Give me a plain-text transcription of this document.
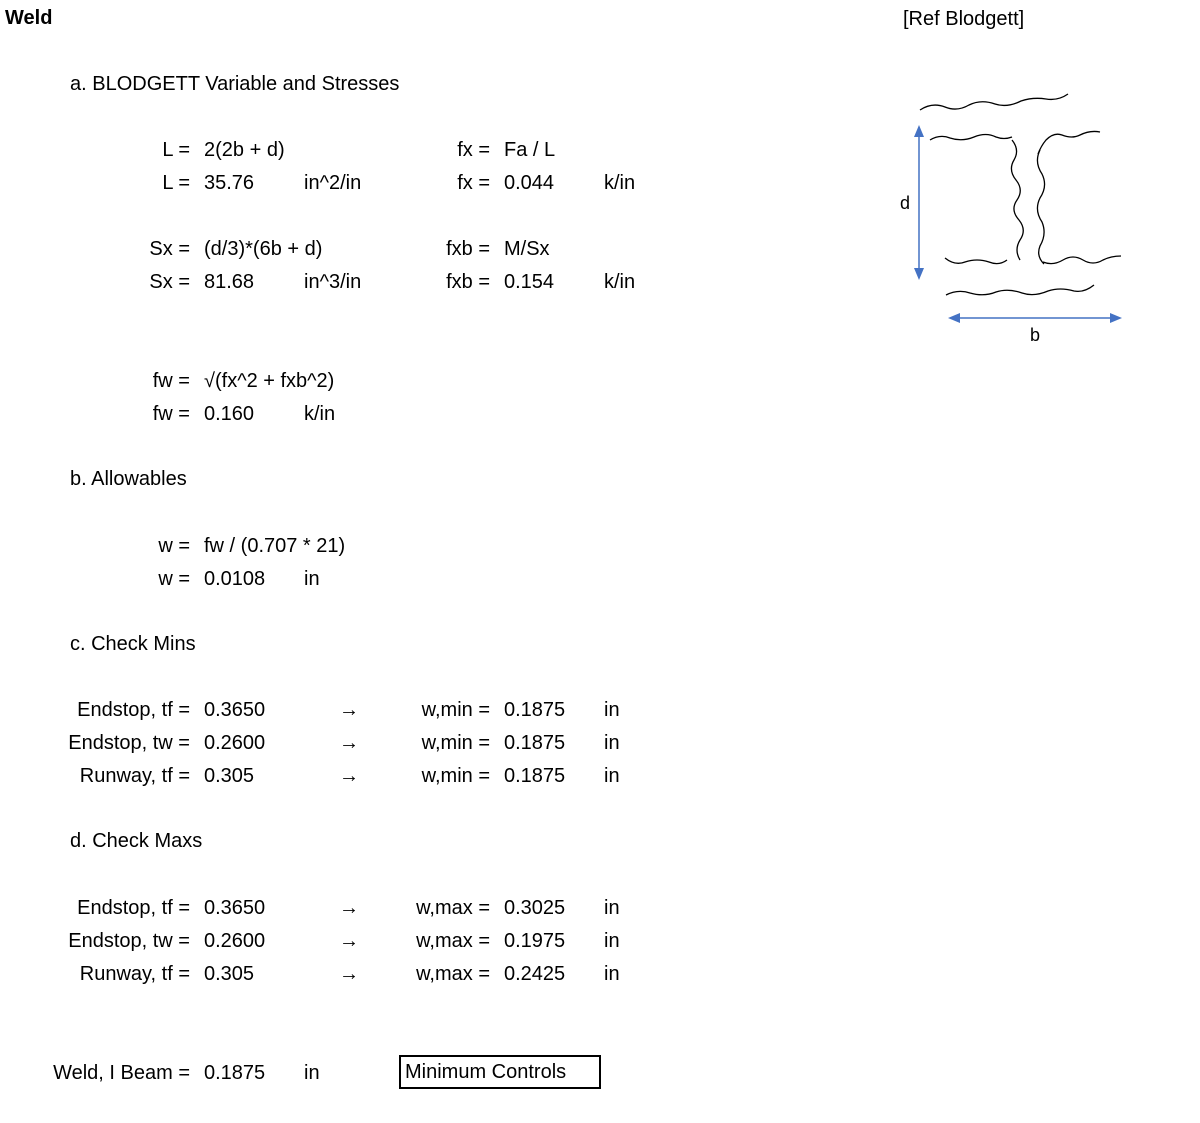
Weld	[Ref Blodgett]
a. BLODGETT Variable and Stresses
L = 2(2b + d)	fx = Fa / L
L = 35.76 in^2/in	fx = 0.044 k/in
Sx = (d/3)*(6b + d)	fxb = M/Sx
Sx = 81.68 in^3/in	fxb = 0.154 k/in
fw = √(fx^2 + fxb^2)
fw = 0.160 k/in
b. Allowables
w = fw / (0.707 * 21)
w = 0.0108 in
c. Check Mins
Endstop, tf = 0.3650	→	w,min = 0.1875 in
Endstop, tw = 0.2600	→	w,min = 0.1875 in
Runway, tf = 0.305	→	w,min = 0.1875 in
d. Check Maxs
Endstop, tf = 0.3650	→	w,max = 0.3025 in
Endstop, tw = 0.2600	→	w,max = 0.1975 in
Runway, tf = 0.305	→	w,max = 0.2425 in
Weld, I Beam = 0.1875 in	Minimum Controls
d
b
